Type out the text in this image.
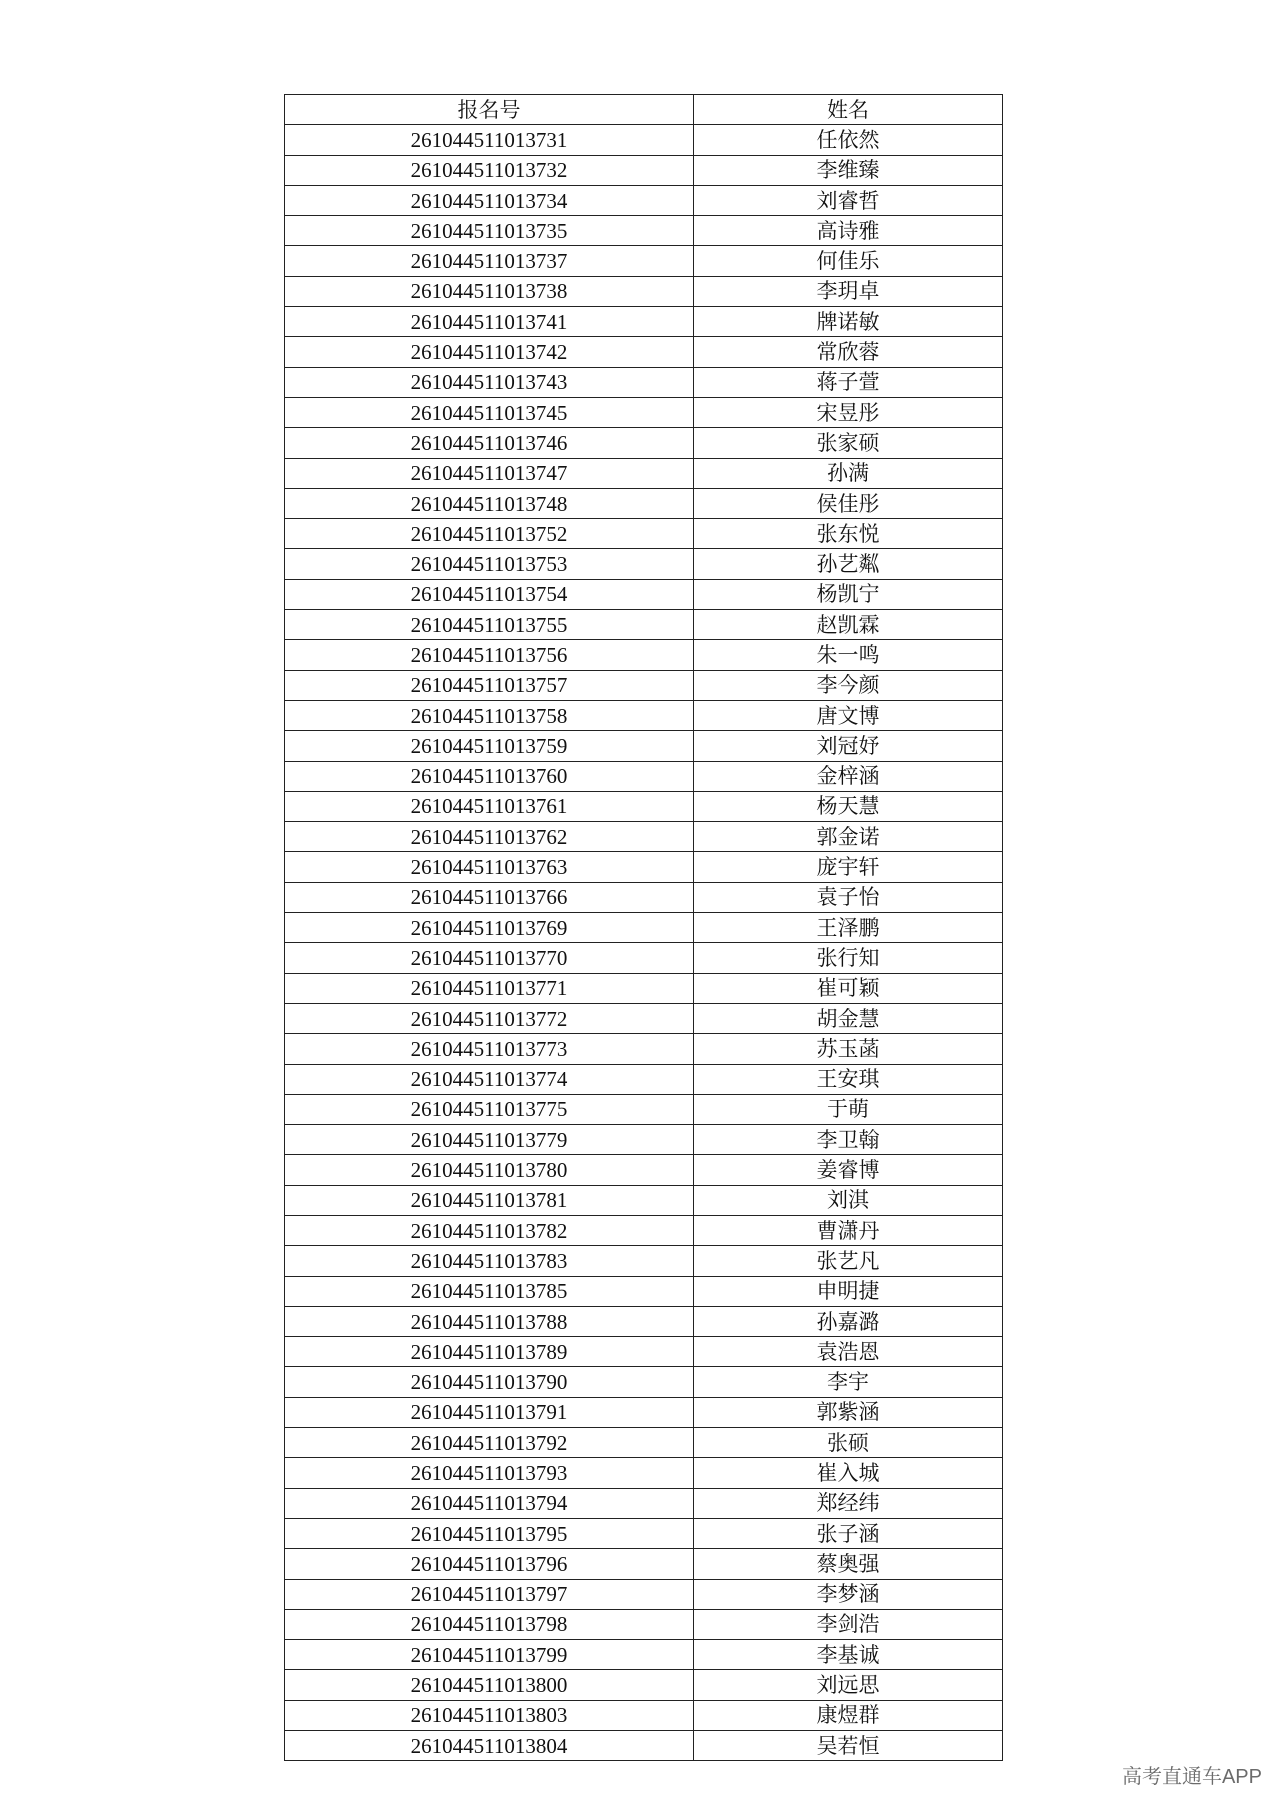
报名号	姓名
261044511013731	任依然
261044511013732	李维臻
261044511013734	刘睿哲
261044511013735	高诗雅
261044511013737	何佳乐
261044511013738	李玥卓
261044511013741	牌诺敏
261044511013742	常欣蓉
261044511013743	蒋子萱
261044511013745	宋昱彤
261044511013746	张家硕
261044511013747	孙满
261044511013748	侯佳彤
261044511013752	张东悦
261044511013753	孙艺粼
261044511013754	杨凯宁
261044511013755	赵凯霖
261044511013756	朱一鸣
261044511013757	李今颜
261044511013758	唐文博
261044511013759	刘冠妤
261044511013760	金梓涵
261044511013761	杨天慧
261044511013762	郭金诺
261044511013763	庞宇轩
261044511013766	袁子怡
261044511013769	王泽鹏
261044511013770	张行知
261044511013771	崔可颖
261044511013772	胡金慧
261044511013773	苏玉菡
261044511013774	王安琪
261044511013775	于萌
261044511013779	李卫翰
261044511013780	姜睿博
261044511013781	刘淇
261044511013782	曹潇丹
261044511013783	张艺凡
261044511013785	申明捷
261044511013788	孙嘉潞
261044511013789	袁浩恩
261044511013790	李宇
261044511013791	郭紫涵
261044511013792	张硕
261044511013793	崔入城
261044511013794	郑经纬
261044511013795	张子涵
261044511013796	蔡奥强
261044511013797	李梦涵
261044511013798	李剑浩
261044511013799	李基诚
261044511013800	刘远思
261044511013803	康煜群
261044511013804	吴若恒
高考直通车APP
